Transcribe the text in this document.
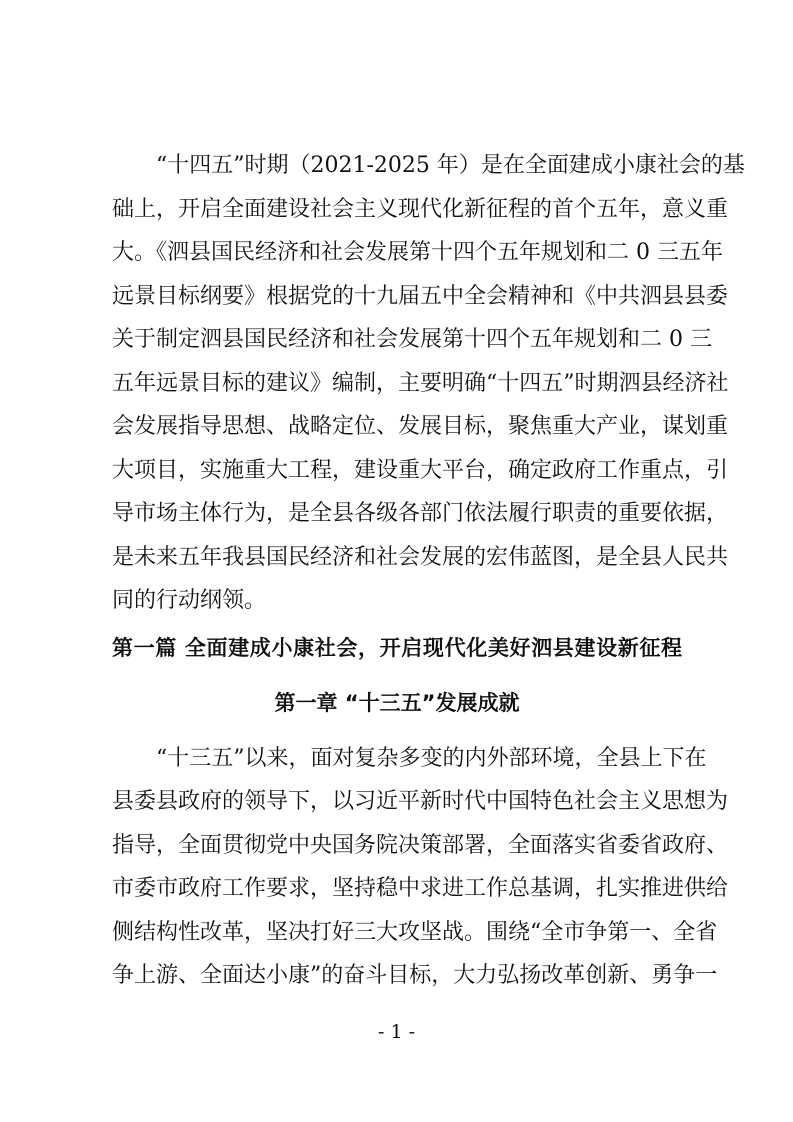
“十四五”时期（2021-2025 年）是在全面建成小康社会的基
础上，开启全面建设社会主义现代化新征程的首个五年，意义重
大。《泗县国民经济和社会发展第十四个五年规划和二 0 三五年
远景目标纲要》根据党的十九届五中全会精神和《中共泗县县委
关于制定泗县国民经济和社会发展第十四个五年规划和二 0 三
五年远景目标的建议》编制，主要明确“十四五”时期泗县经济社
会发展指导思想、战略定位、发展目标，聚焦重大产业，谋划重
大项目，实施重大工程，建设重大平台，确定政府工作重点，引
导市场主体行为，是全县各级各部门依法履行职责的重要依据，
是未来五年我县国民经济和社会发展的宏伟蓝图，是全县人民共
同的行动纲领。
第一篇 全面建成小康社会，开启现代化美好泗县建设新征程
第一章 “十三五”发展成就
“十三五”以来，面对复杂多变的内外部环境，全县上下在
县委县政府的领导下，以习近平新时代中国特色社会主义思想为
指导，全面贯彻党中央国务院决策部署，全面落实省委省政府、
市委市政府工作要求，坚持稳中求进工作总基调，扎实推进供给
侧结构性改革，坚决打好三大攻坚战。围绕“全市争第一、全省
争上游、全面达小康”的奋斗目标，大力弘扬改革创新、勇争一
- 1 -
